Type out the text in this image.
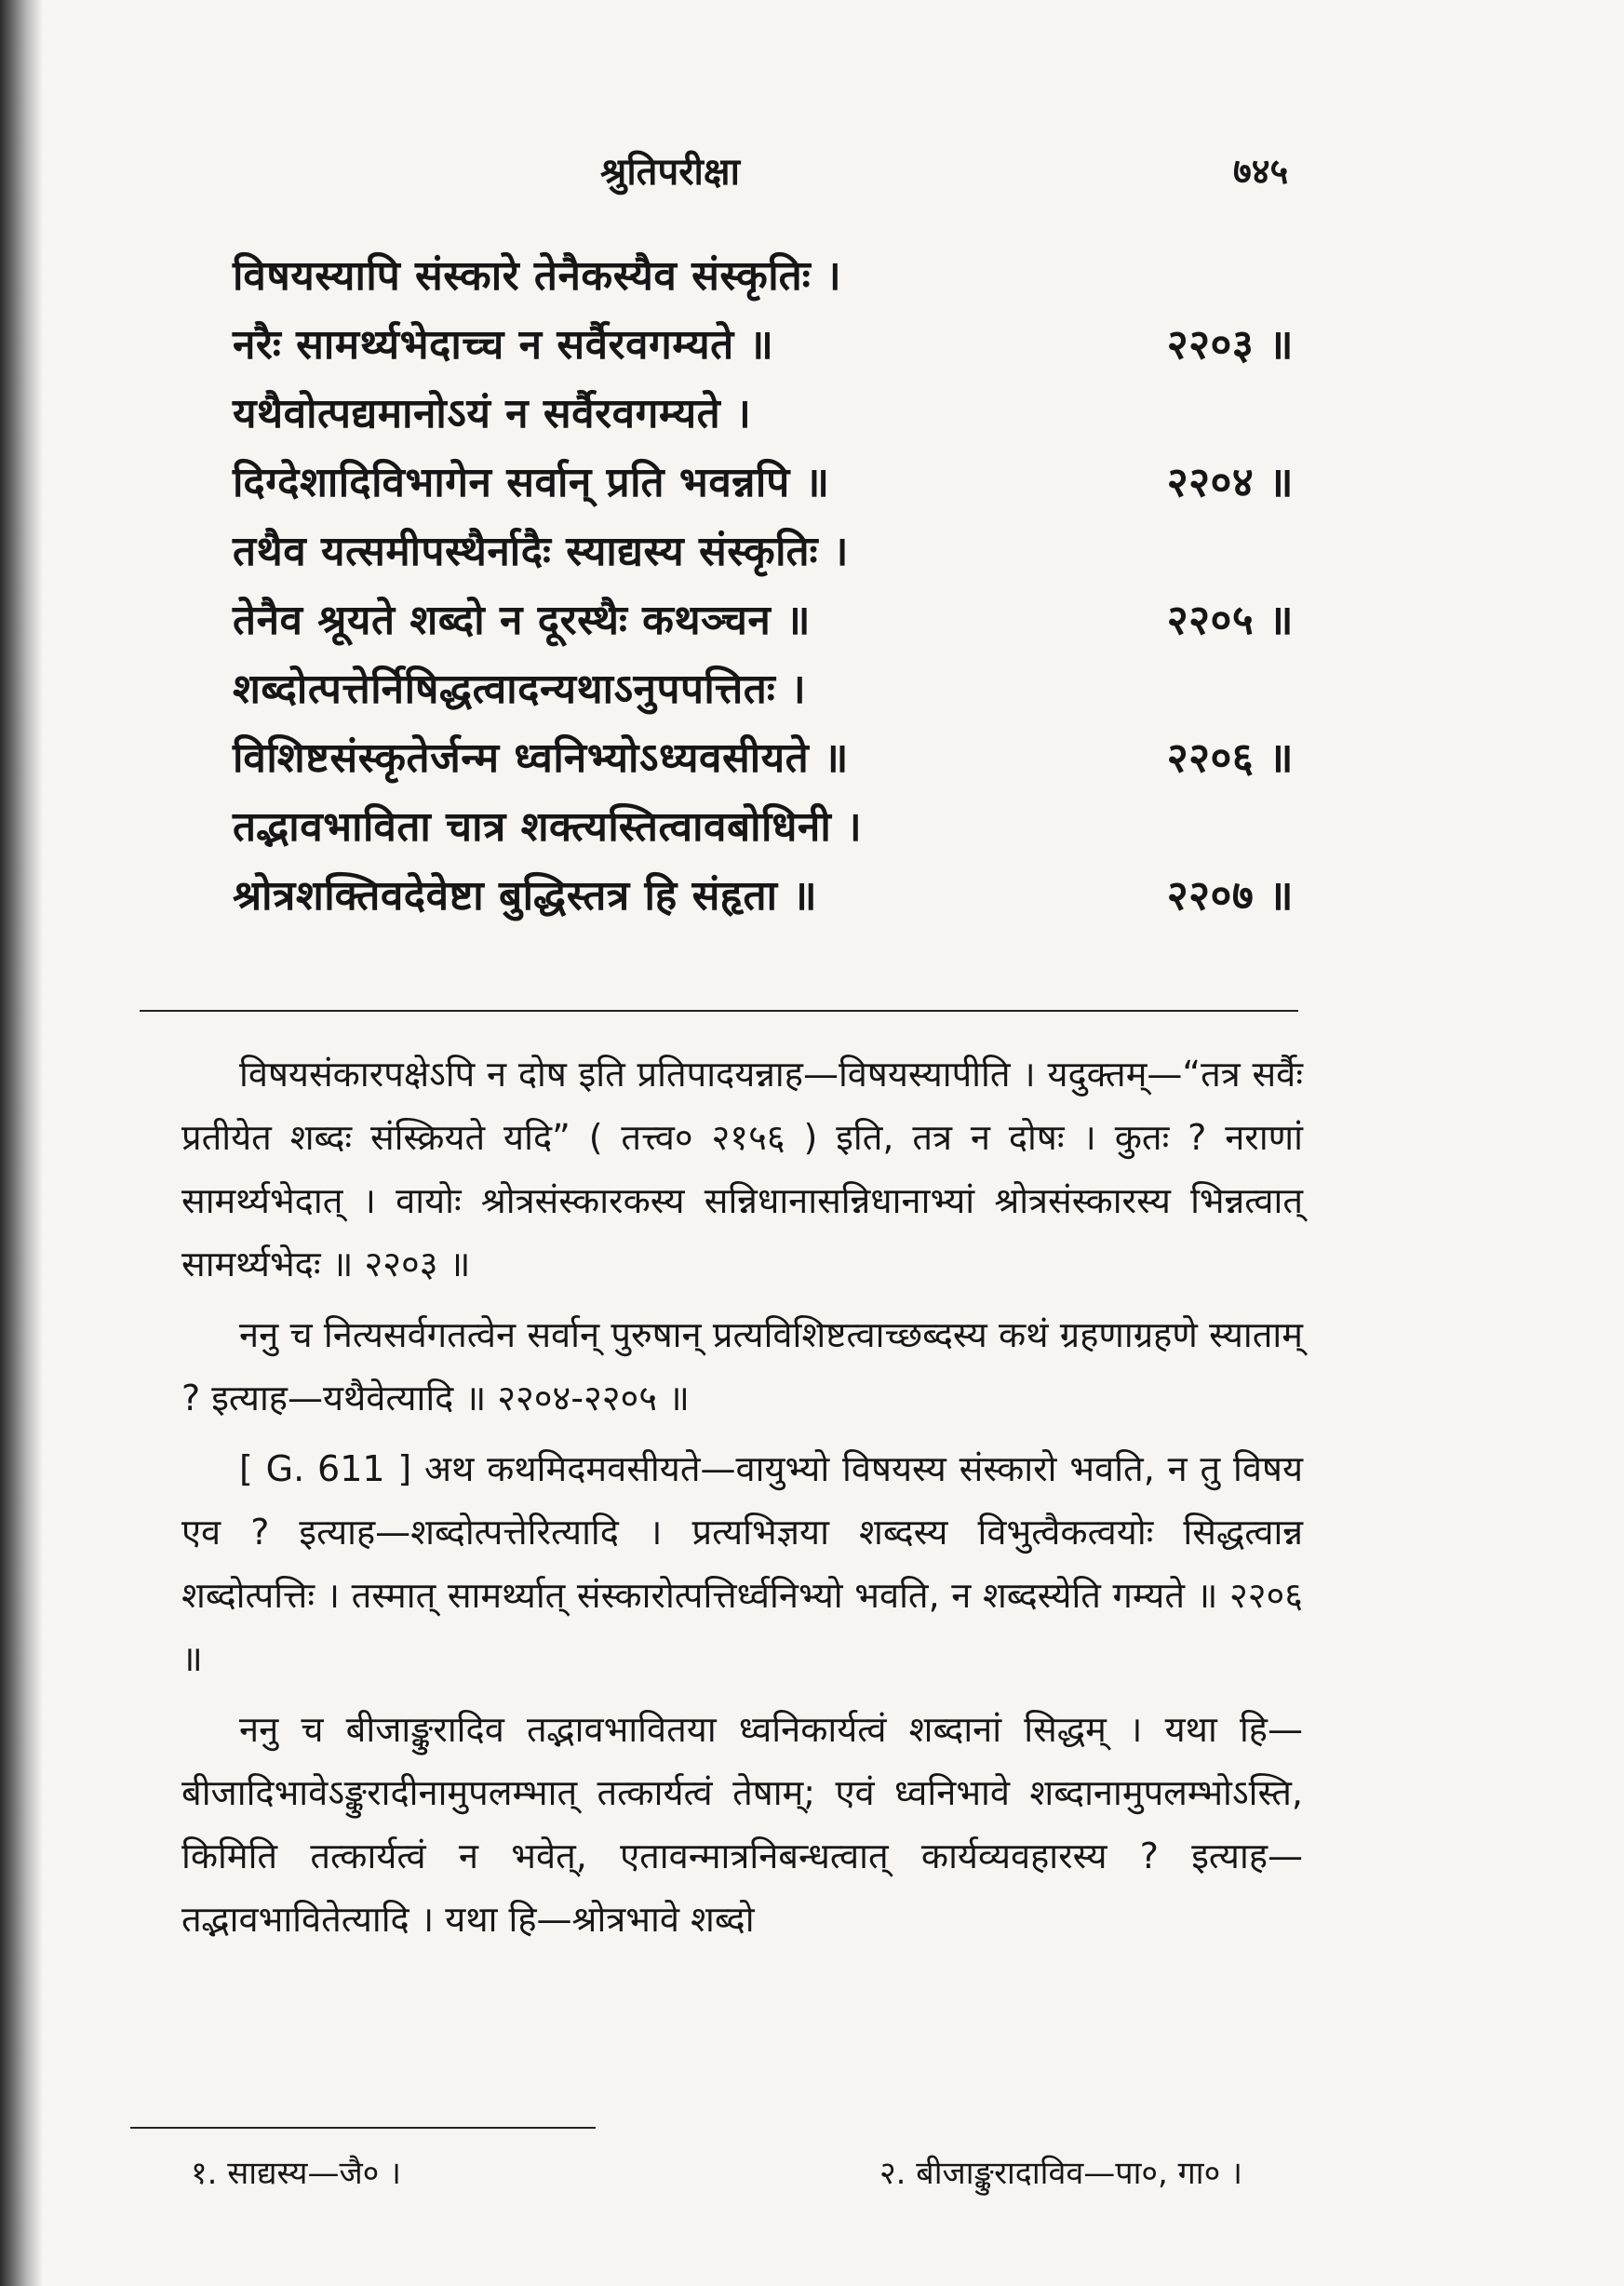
श्रुतिपरीक्षा	७४५
विषयस्यापि संस्कारे तेनैकस्यैव संस्कृतिः ।
नरैः सामर्थ्यभेदाच्च न सर्वैरवगम्यते ॥	२२०३ ॥
यथैवोत्पद्यमानोऽयं न सर्वैरवगम्यते ।
दिग्देशादिविभागेन सर्वान् प्रति भवन्नपि ॥	२२०४ ॥
तथैव यत्समीपस्थैर्नादैः स्याद्यस्य संस्कृतिः ।
तेनैव श्रूयते शब्दो न दूरस्थैः कथञ्चन ॥	२२०५ ॥
शब्दोत्पत्तेर्निषिद्धत्वादन्यथाऽनुपपत्तितः ।
विशिष्टसंस्कृतेर्जन्म ध्वनिभ्योऽध्यवसीयते ॥	२२०६ ॥
तद्भावभाविता चात्र शक्त्यस्तित्वावबोधिनी ।
श्रोत्रशक्तिवदेवेष्टा बुद्धिस्तत्र हि संहृता ॥	२२०७ ॥

विषयसंकारपक्षेऽपि न दोष इति प्रतिपादयन्नाह—विषयस्यापीति । यदुक्तम्—“तत्र सर्वैः प्रतीयेत शब्दः संस्क्रियते यदि” ( तत्त्व० २१५६ ) इति, तत्र न दोषः । कुतः ? नराणां सामर्थ्यभेदात् । वायोः श्रोत्रसंस्कारकस्य सन्निधानासन्निधानाभ्यां श्रोत्रसंस्कारस्य भिन्नत्वात् सामर्थ्यभेदः ॥ २२०३ ॥

ननु च नित्यसर्वगतत्वेन सर्वान् पुरुषान् प्रत्यविशिष्टत्वाच्छब्दस्य कथं ग्रहणाग्रहणे स्याताम् ? इत्याह—यथैवेत्यादि ॥ २२०४-२२०५ ॥

[ G. 611 ] अथ कथमिदमवसीयते—वायुभ्यो विषयस्य संस्कारो भवति, न तु विषय एव ? इत्याह—शब्दोत्पत्तेरित्यादि । प्रत्यभिज्ञया शब्दस्य विभुत्वैकत्वयोः सिद्धत्वान्न शब्दोत्पत्तिः । तस्मात् सामर्थ्यात् संस्कारोत्पत्तिर्ध्वनिभ्यो भवति, न शब्दस्येति गम्यते ॥ २२०६ ॥

ननु च बीजाङ्कुरादिव तद्भावभावितया ध्वनिकार्यत्वं शब्दानां सिद्धम् । यथा हि—बीजादिभावेऽङ्कुरादीनामुपलम्भात् तत्कार्यत्वं तेषाम्; एवं ध्वनिभावे शब्दानामुपलम्भोऽस्ति, किमिति तत्कार्यत्वं न भवेत्, एतावन्मात्रनिबन्धत्वात् कार्यव्यवहारस्य ? इत्याह—तद्भावभावितेत्यादि । यथा हि—श्रोत्रभावे शब्दो

१. साद्यस्य—जै० ।	२. बीजाङ्कुरादाविव—पा०, गा० ।
